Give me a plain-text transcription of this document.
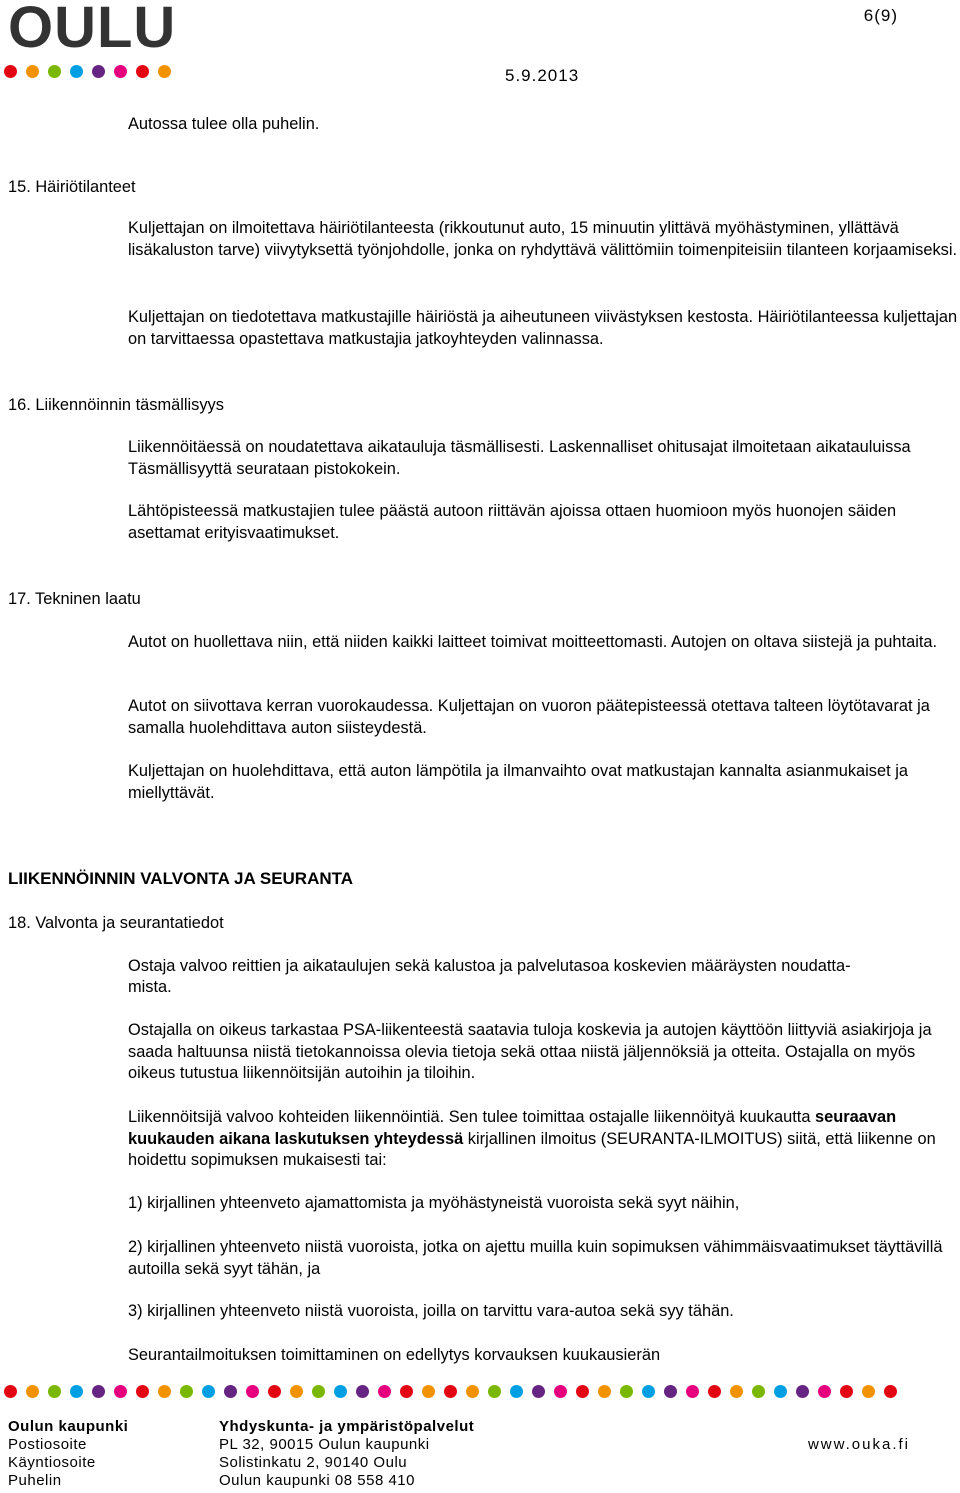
OULU	6(9)
5.9.2013

Autossa tulee olla puhelin.

15. Häiriötilanteet

Kuljettajan on ilmoitettava häiriötilanteesta (rikkoutunut auto, 15 minuutin ylittävä myöhästyminen, yllättävä lisäkaluston tarve) viivytyksettä työnjohdolle, jonka on ryhdyttävä välittömiin toimenpiteisiin tilanteen korjaamiseksi.

Kuljettajan on tiedotettava matkustajille häiriöstä ja aiheutuneen viivästyksen kestosta. Häiriötilanteessa kuljettajan on tarvittaessa opastettava matkustajia jatkoyhteyden valinnassa.

16. Liikennöinnin täsmällisyys

Liikennöitäessä on noudatettava aikatauluja täsmällisesti. Laskennalliset ohitusajat ilmoitetaan aikatauluissa Täsmällisyyttä seurataan pistokokein.

Lähtöpisteessä matkustajien tulee päästä autoon riittävän ajoissa ottaen huomioon myös huonojen säiden asettamat erityisvaatimukset.

17. Tekninen laatu

Autot on huollettava niin, että niiden kaikki laitteet toimivat moitteettomasti. Autojen on oltava siistejä ja puhtaita.

Autot on siivottava kerran vuorokaudessa. Kuljettajan on vuoron päätepisteessä otettava talteen löytötavarat ja samalla huolehdittava auton siisteydestä.

Kuljettajan on huolehdittava, että auton lämpötila ja ilmanvaihto ovat matkustajan kannalta asianmukaiset ja miellyttävät.

LIIKENNÖINNIN VALVONTA JA SEURANTA

18. Valvonta ja seurantatiedot

Ostaja valvoo reittien ja aikataulujen sekä kalustoa ja palvelutasoa koskevien määräysten noudatta-

mista.

Ostajalla on oikeus tarkastaa PSA-liikenteestä saatavia tuloja koskevia ja autojen käyttöön liittyviä asiakirjoja ja saada haltuunsa niistä tietokannoissa olevia tietoja sekä ottaa niistä jäljennöksiä ja otteita. Ostajalla on myös oikeus tutustua liikennöitsijän autoihin ja tiloihin.

Liikennöitsijä valvoo kohteiden liikennöintiä. Sen tulee toimittaa ostajalle liikennöityä kuukautta seuraavan kuukauden aikana laskutuksen yhteydessä kirjallinen ilmoitus (SEURANTA-ILMOITUS) siitä, että liikenne on hoidettu sopimuksen mukaisesti tai:

1) kirjallinen yhteenveto ajamattomista ja myöhästyneistä vuoroista sekä syyt näihin,

2) kirjallinen yhteenveto niistä vuoroista, jotka on ajettu muilla kuin sopimuksen vähimmäisvaatimukset täyttävillä autoilla sekä syyt tähän, ja

3) kirjallinen yhteenveto niistä vuoroista, joilla on tarvittu vara-autoa sekä syy tähän.

Seurantailmoituksen toimittaminen on edellytys korvauksen kuukausierän

Oulun kaupunki
Postiosoite
Käyntiosoite
Puhelin
Yhdyskunta- ja ympäristöpalvelut
PL 32, 90015 Oulun kaupunki
Solistinkatu 2, 90140 Oulu
Oulun kaupunki 08 558 410
www.ouka.fi
